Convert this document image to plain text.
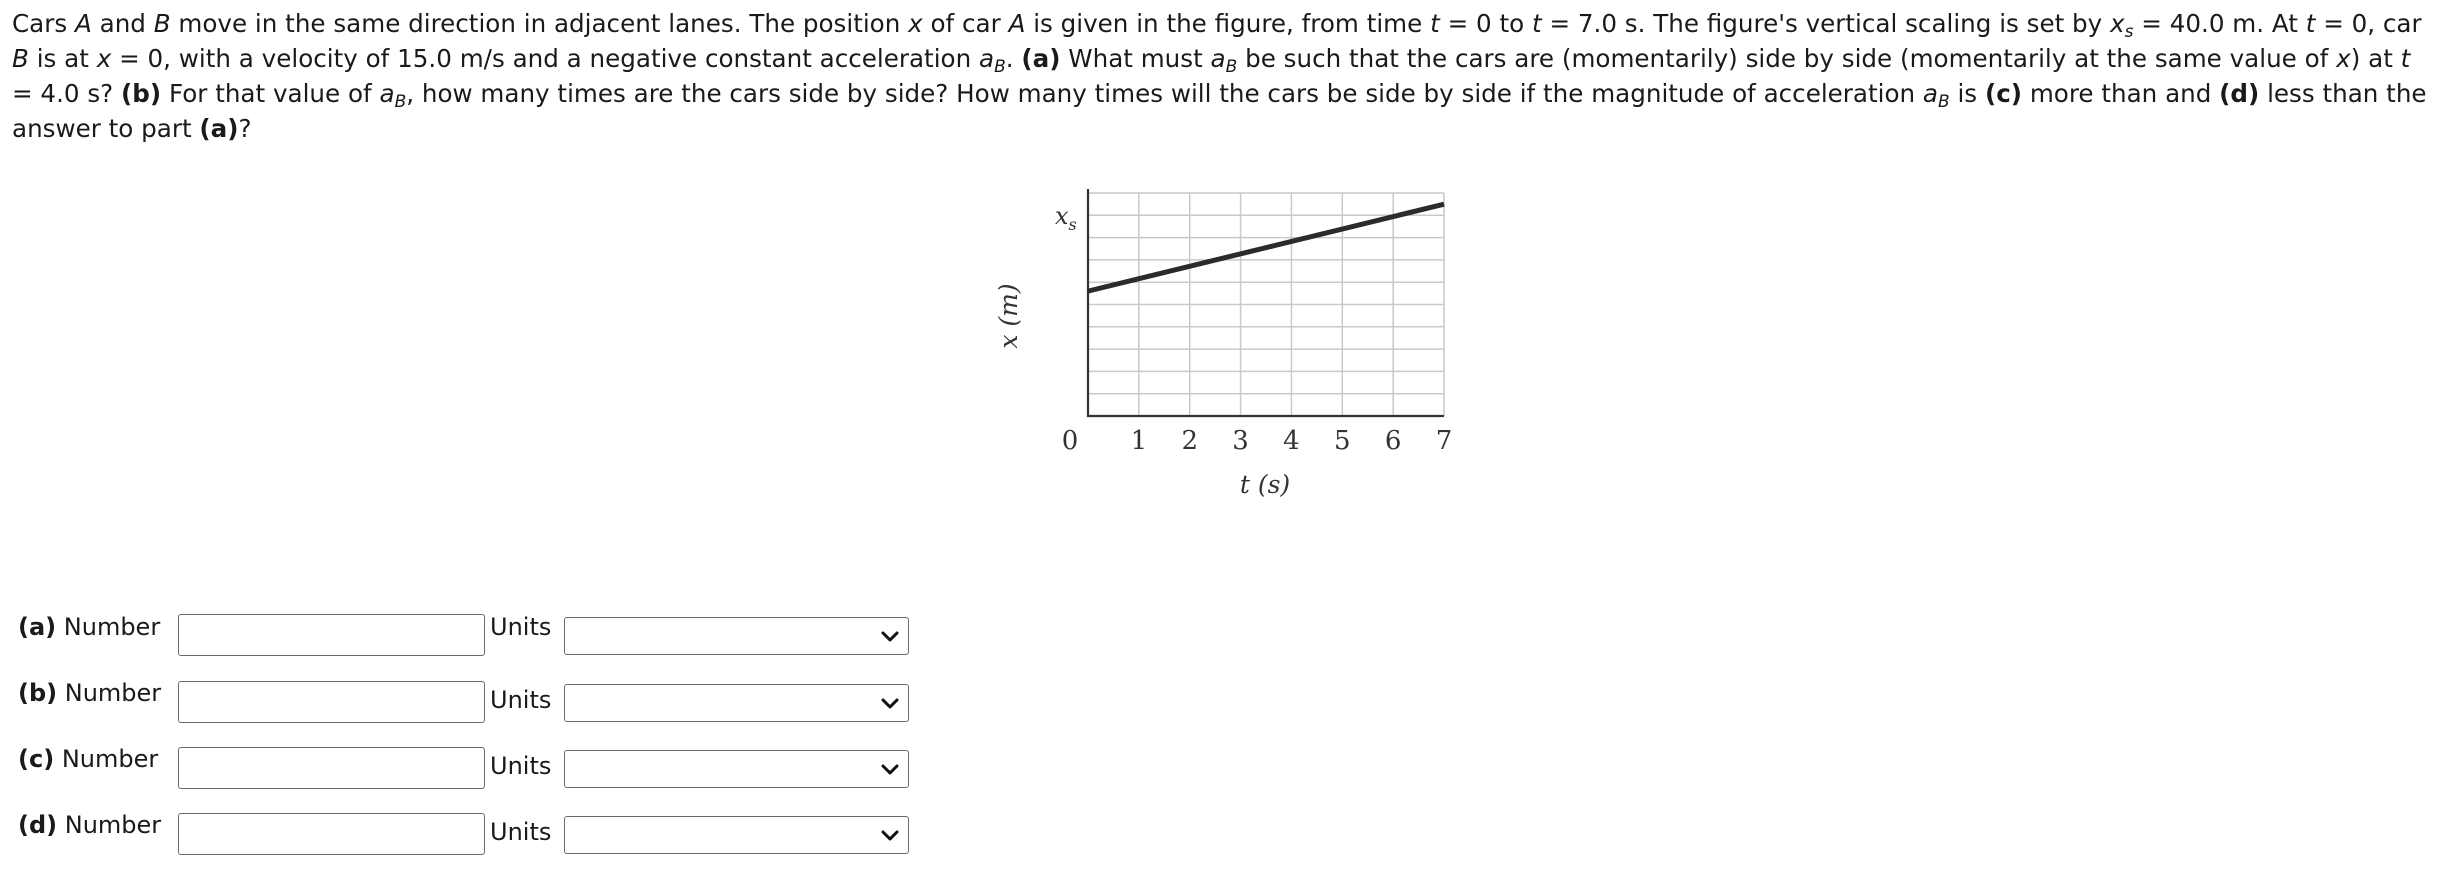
Cars A and B move in the same direction in adjacent lanes. The position x of car A is given in the figure, from time t = 0 to t = 7.0 s. The figure's vertical scaling is set by $x_s = 40.0$ m. At t = 0, car B is at x = 0, with a velocity of 15.0 m/s and a negative constant acceleration $a_B$. (a) What must $a_B$ be such that the cars are (momentarily) side by side (momentarily at the same value of x) at t = 4.0 s? (b) For that value of $a_B$, how many times are the cars side by side? How many times will the cars be side by side if the magnitude of acceleration $a_B$ is (c) more than and (d) less than the answer to part (a)?

x (m)
$x_s$
0 1 2 3 4 5 6 7
t (s)
(a) Number	Units
(b) Number	Units
(c) Number	Units
(d) Number	Units
